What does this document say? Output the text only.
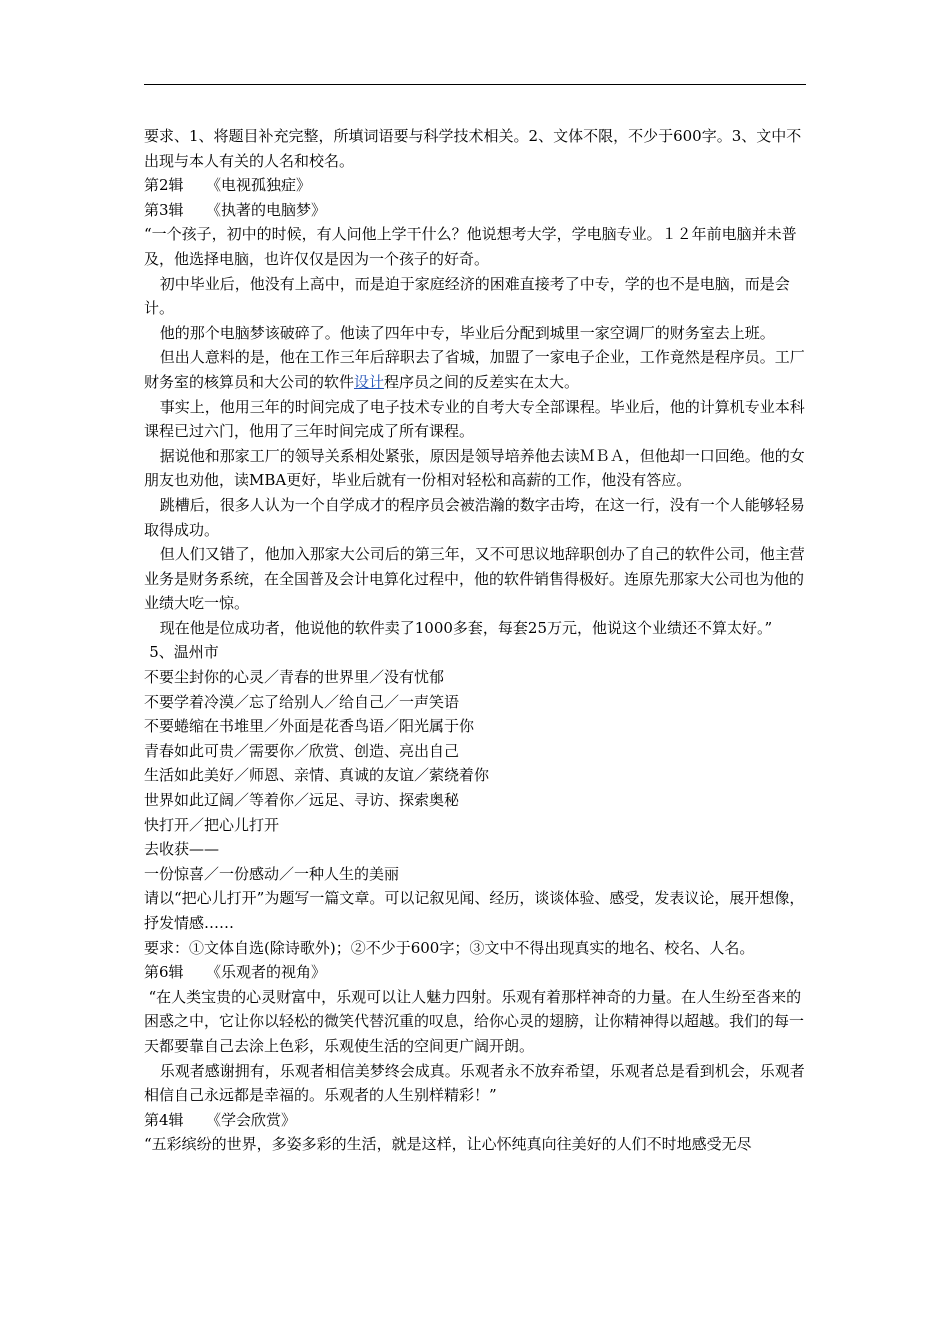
要求、1、将题目补充完整，所填词语要与科学技术相关。2、文体不限，不少于600字。3、文中不出现与本人有关的人名和校名。

第2辑　　《电视孤独症》

第3辑　　《执著的电脑梦》

“一个孩子，初中的时候，有人问他上学干什么？他说想考大学，学电脑专业。１２年前电脑并未普及，他选择电脑，也许仅仅是因为一个孩子的好奇。

初中毕业后，他没有上高中，而是迫于家庭经济的困难直接考了中专，学的也不是电脑，而是会计。

他的那个电脑梦该破碎了。他读了四年中专，毕业后分配到城里一家空调厂的财务室去上班。

但出人意料的是，他在工作三年后辞职去了省城，加盟了一家电子企业，工作竟然是程序员。工厂财务室的核算员和大公司的软件设计程序员之间的反差实在太大。

事实上，他用三年的时间完成了电子技术专业的自考大专全部课程。毕业后，他的计算机专业本科课程已过六门，他用了三年时间完成了所有课程。

据说他和那家工厂的领导关系相处紧张，原因是领导培养他去读ＭＢＡ，但他却一口回绝。他的女朋友也劝他，读MBA更好，毕业后就有一份相对轻松和高薪的工作，他没有答应。

跳槽后，很多人认为一个自学成才的程序员会被浩瀚的数字击垮，在这一行，没有一个人能够轻易取得成功。

但人们又错了，他加入那家大公司后的第三年，又不可思议地辞职创办了自己的软件公司，他主营业务是财务系统，在全国普及会计电算化过程中，他的软件销售得极好。连原先那家大公司也为他的业绩大吃一惊。

现在他是位成功者，他说他的软件卖了1000多套，每套25万元，他说这个业绩还不算太好。”

5、温州市

不要尘封你的心灵／青春的世界里／没有忧郁

不要学着冷漠／忘了给别人／给自己／一声笑语

不要蜷缩在书堆里／外面是花香鸟语／阳光属于你

青春如此可贵／需要你／欣赏、创造、亮出自己

生活如此美好／师恩、亲情、真诚的友谊／萦绕着你

世界如此辽阔／等着你／远足、寻访、探索奥秘

快打开／把心儿打开

去收获——

一份惊喜／一份感动／一种人生的美丽

请以“把心儿打开”为题写一篇文章。可以记叙见闻、经历，谈谈体验、感受，发表议论，展开想像，抒发情感……

要求：①文体自选(除诗歌外)；②不少于600字；③文中不得出现真实的地名、校名、人名。

第6辑　　《乐观者的视角》

“在人类宝贵的心灵财富中，乐观可以让人魅力四射。乐观有着那样神奇的力量。在人生纷至沓来的困惑之中，它让你以轻松的微笑代替沉重的叹息，给你心灵的翅膀，让你精神得以超越。我们的每一天都要靠自己去涂上色彩，乐观使生活的空间更广阔开朗。

乐观者感谢拥有，乐观者相信美梦终会成真。乐观者永不放弃希望，乐观者总是看到机会，乐观者相信自己永远都是幸福的。乐观者的人生别样精彩！”

第4辑　　《学会欣赏》

“五彩缤纷的世界，多姿多彩的生活，就是这样，让心怀纯真向往美好的人们不时地感受无尽
